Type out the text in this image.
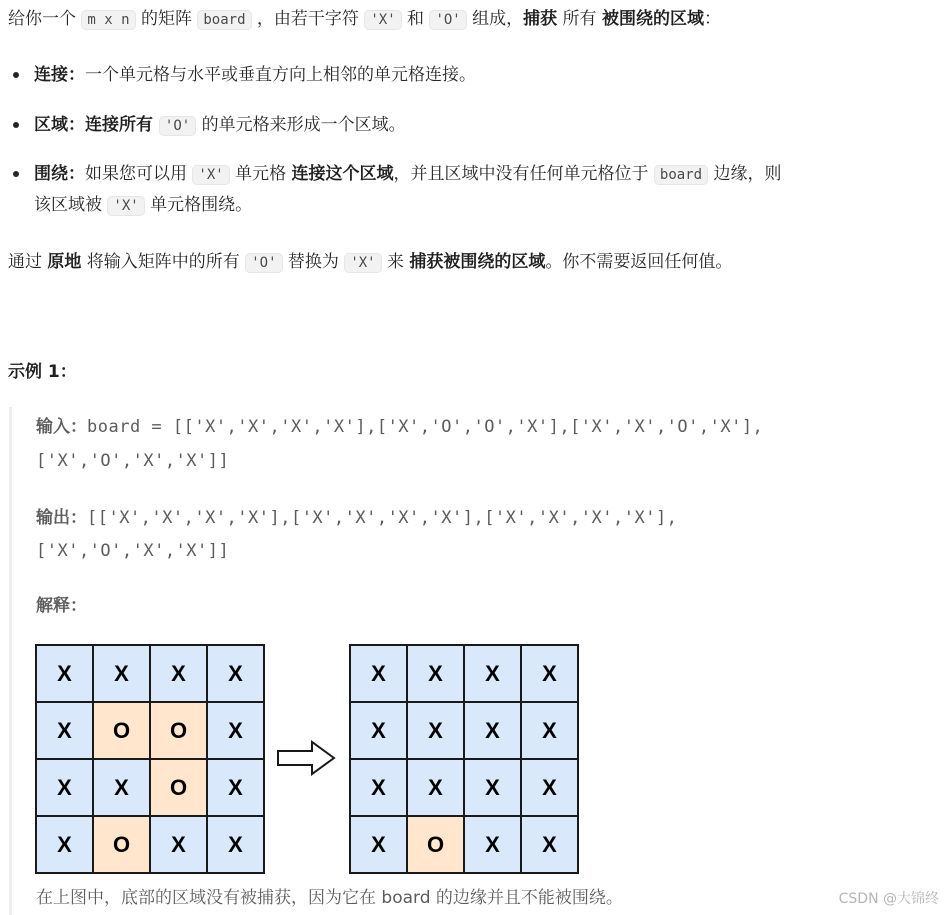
给你一个 m x n 的矩阵 board ，由若干字符 'X' 和 'O' 组成，捕获 所有 被围绕的区域：
连接：一个单元格与水平或垂直方向上相邻的单元格连接。
区域：连接所有 'O' 的单元格来形成一个区域。
围绕：如果您可以用 'X' 单元格 连接这个区域，并且区域中没有任何单元格位于 board 边缘，则
该区域被 'X' 单元格围绕。
通过 原地 将输入矩阵中的所有 'O' 替换为 'X' 来 捕获被围绕的区域。你不需要返回任何值。
示例 1：
输入：board = [['X','X','X','X'],['X','O','O','X'],['X','X','O','X'],
['X','O','X','X']]
输出：[['X','X','X','X'],['X','X','X','X'],['X','X','X','X'],
['X','O','X','X']]
解释：
X	X	X	X
X	O	O	X
X	X	O	X
X	O	X	X
X	X	X	X
X	X	X	X
X	X	X	X
X	O	X	X
在上图中，底部的区域没有被捕获，因为它在 board 的边缘并且不能被围绕。	CSDN @大锦终
